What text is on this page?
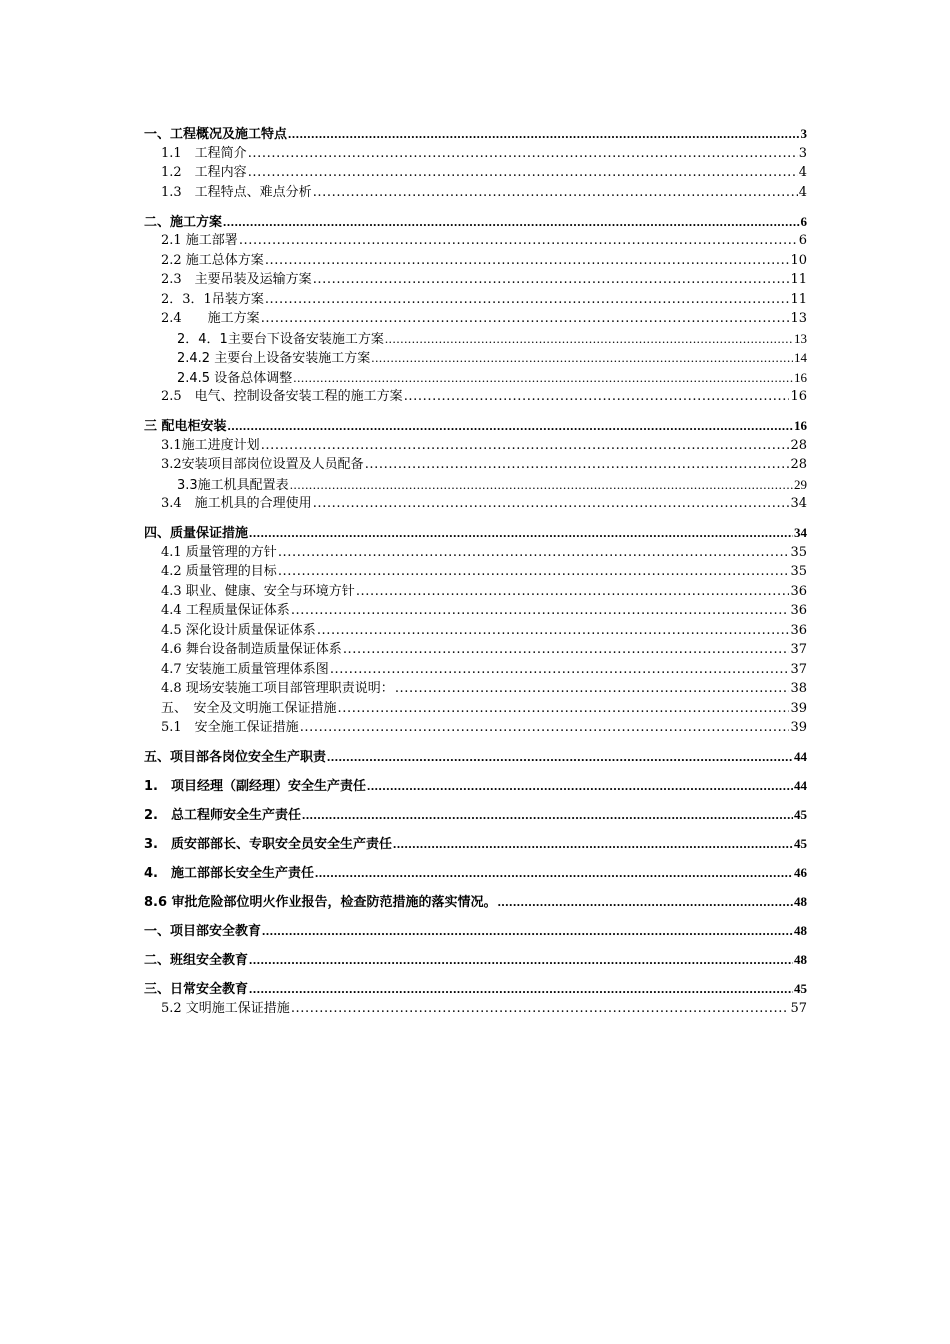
一、工程概况及施工特点 .....	3
1.1　工程简介 .....	3
1.2　工程内容 .....	4
1.3　工程特点、难点分析 .....	4
二、施工方案 .....	6
2.1 施工部署 .....	6
2.2 施工总体方案 .....	10
2.3　主要吊装及运输方案 .....	11
2．3．1吊装方案 .....	11
2.4　　施工方案 .....	13
2．4．1主要台下设备安装施工方案 .....	13
2.4.2 主要台上设备安装施工方案 .....	14
2.4.5 设备总体调整 .....	16
2.5　电气、控制设备安装工程的施工方案 .....	16
三 配电柜安装 .....	16
3.1施工进度计划 .....	28
3.2安装项目部岗位设置及人员配备 .....	28
3.3施工机具配置表 .....	29
3.4　施工机具的合理使用 .....	34
四、质量保证措施 .....	34
4.1 质量管理的方针 .....	35
4.2 质量管理的目标 .....	35
4.3 职业、健康、安全与环境方针 .....	36
4.4 工程质量保证体系 .....	36
4.5 深化设计质量保证体系 .....	36
4.6 舞台设备制造质量保证体系 .....	37
4.7 安装施工质量管理体系图 .....	37
4.8 现场安装施工项目部管理职责说明： .....	38
五、　安全及文明施工保证措施 .....	39
5.1　安全施工保证措施 .....	39
五、项目部各岗位安全生产职责 .....	44
1.　项目经理（副经理）安全生产责任 .....	44
2.　总工程师安全生产责任 .....	45
3.　质安部部长、专职安全员安全生产责任 .....	45
4.　施工部部长安全生产责任 .....	46
8.6 审批危险部位明火作业报告，检查防范措施的落实情况。 .....	48
一、项目部安全教育 .....	48
二、班组安全教育 .....	48
三、日常安全教育 .....	45
5.2 文明施工保证措施 .....	57
